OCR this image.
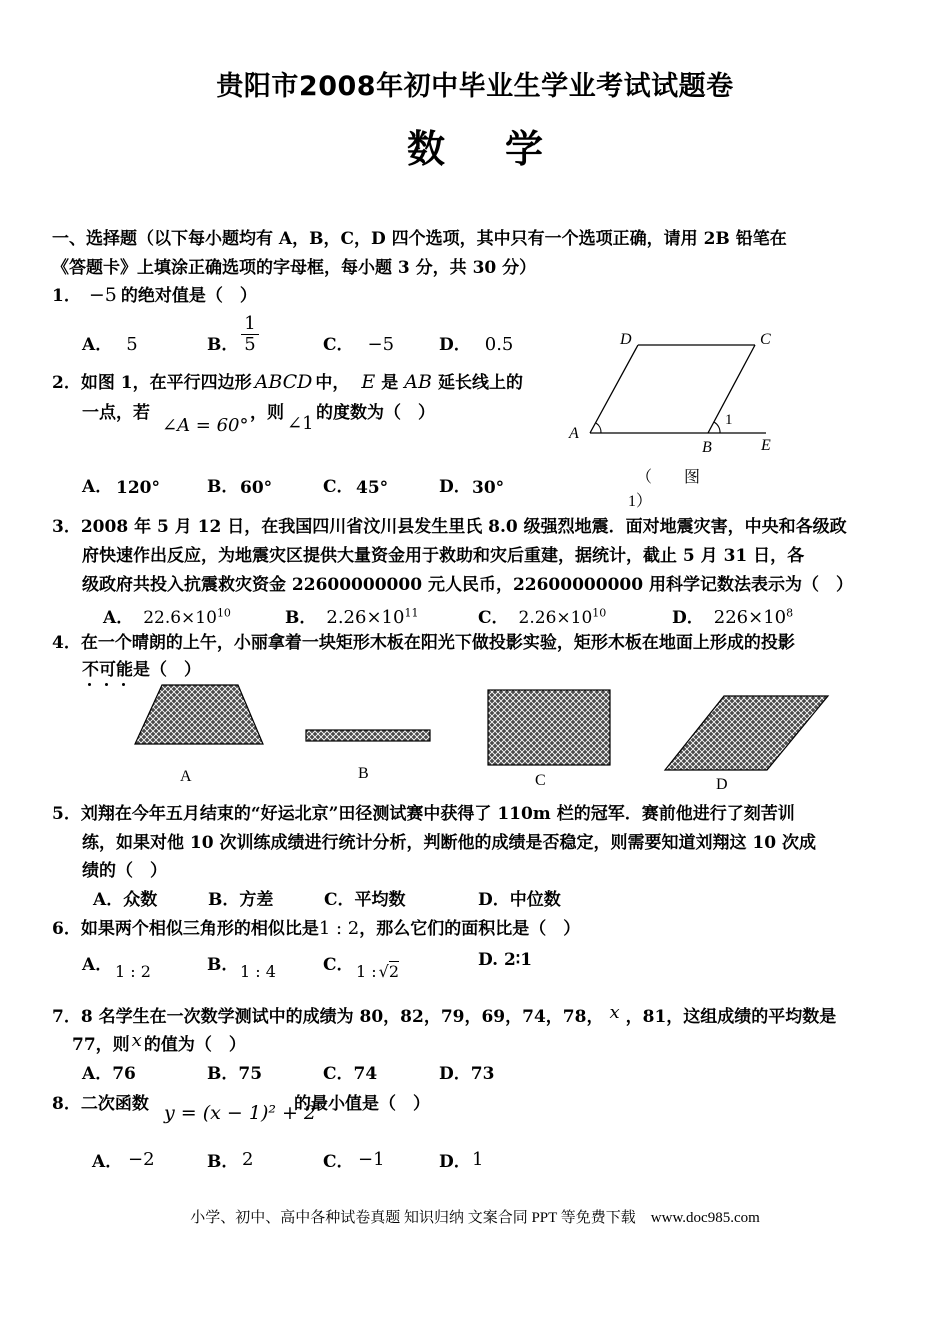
贵阳市2008年初中毕业生学业考试试题卷
数 学
一、选择题（以下每小题均有 A，B，C，D 四个选项，其中只有一个选项正确，请用 2B 铅笔在
《答题卡》上填涂正确选项的字母框，每小题 3 分，共 30 分）
1． −5 的绝对值是（　）
A． 5	B．
1
5	C． −5	D． 0.5
2．如图 1，在平行四边形 ABCD 中， E 是 AB 延长线上的
一点，若
∠A = 60°
，则 ∠1 的度数为（　）
A． 120°	B． 60°	C． 45°	D． 30°
D	C
A
B	E
1
（　　图
1）
3．2008 年 5 月 12 日，在我国四川省汶川县发生里氏 8.0 级强烈地震．面对地震灾害，中央和各级政
府快速作出反应，为地震灾区提供大量资金用于救助和灾后重建，据统计，截止 5 月 31 日，各
级政府共投入抗震救灾资金 22600000000 元人民币，22600000000 用科学记数法表示为（　）
A． $22.6\times 10^{10}$	B． $2.26\times 10^{11}$	C． $2.26\times 10^{10}$	D． $226\times 10^8$
4．在一个晴朗的上午，小丽拿着一块矩形木板在阳光下做投影实验，矩形木板在地面上形成的投影
不可能是（　）
A	B	C	D
5．刘翔在今年五月结束的“好运北京”田径测试赛中获得了 110m 栏的冠军．赛前他进行了刻苦训
练，如果对他 10 次训练成绩进行统计分析，判断他的成绩是否稳定，则需要知道刘翔这 10 次成
绩的（　）
A．众数	B．方差	C．平均数	D．中位数
6．如果两个相似三角形的相似比是1 : 2，那么它们的面积比是（　）
A． 1 : 2	B． 1 : 4	C． 1 : √2
D. 2∶1
7．8 名学生在一次数学测试中的成绩为 80，82，79，69，74，78， x ，81，这组成绩的平均数是
77，则 x 的值为（　）
A．76	B．75	C．74	D．73
8．二次函数 y = (x − 1)² + 2
的最小值是（　）
A． −2	B． 2	C． −1	D． 1
小学、初中、高中各种试卷真题 知识归纳 文案合同 PPT 等免费下载　www.doc985.com
